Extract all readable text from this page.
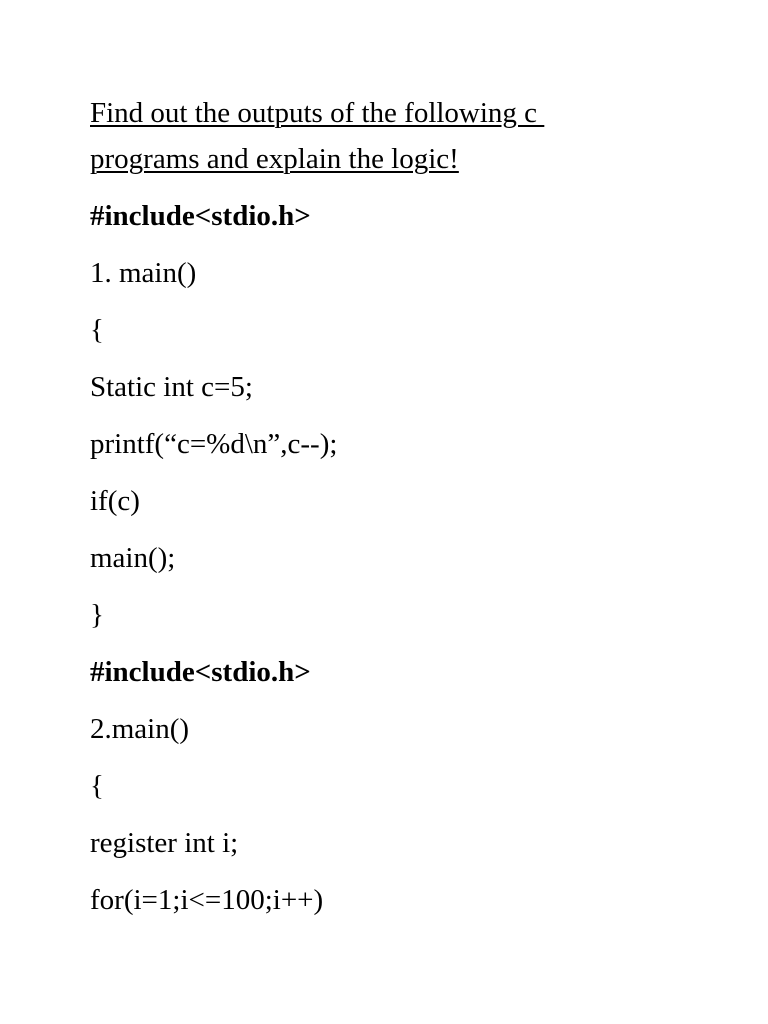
Find out the outputs of the following c

programs and explain the logic!

#include<stdio.h>

1. main()

{

Static int c=5;

printf(“c=%d\n”,c--);

if(c)

main();

}

#include<stdio.h>

2.main()

{

register int i;

for(i=1;i<=100;i++)
